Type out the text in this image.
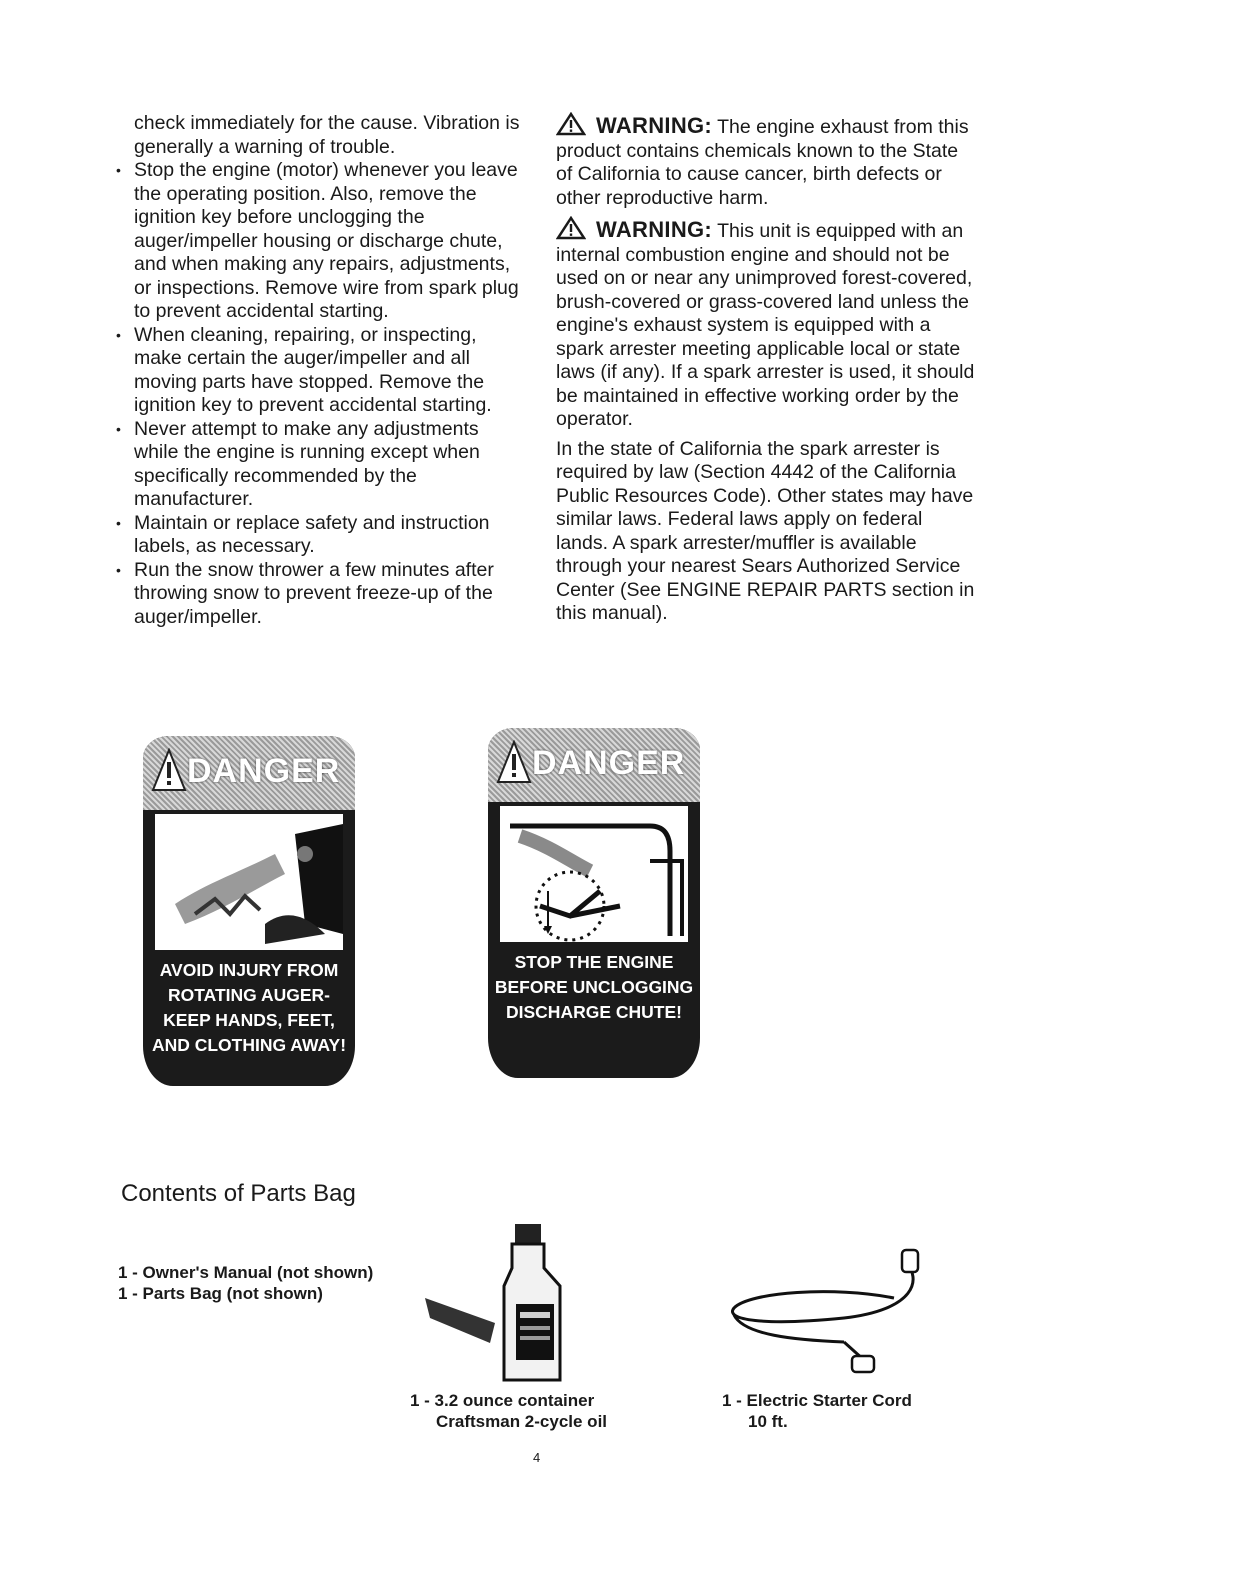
check immediately for the cause. Vibration is generally a warning of trouble.

• Stop the engine (motor) whenever you leave the operating position. Also, remove the ignition key before unclogging the auger/impeller housing or discharge chute, and when making any repairs, adjustments, or inspections. Remove wire from spark plug to prevent accidental starting.
• When cleaning, repairing, or inspecting, make certain the auger/impeller and all moving parts have stopped. Remove the ignition key to prevent accidental starting.
• Never attempt to make any adjustments while the engine is running except when specifically recommended by the manufacturer.
• Maintain or replace safety and instruction labels, as necessary.
• Run the snow thrower a few minutes after throwing snow to prevent freeze-up of the auger/impeller.

WARNING: The engine exhaust from this product contains chemicals known to the State of California to cause cancer, birth defects or other reproductive harm.

WARNING: This unit is equipped with an internal combustion engine and should not be used on or near any unimproved forest-covered, brush-covered or grass-covered land unless the engine's exhaust system is equipped with a spark arrester meeting applicable local or state laws (if any). If a spark arrester is used, it should be maintained in effective working order by the operator.

In the state of California the spark arrester is required by law (Section 4442 of the California Public Resources Code). Other states may have similar laws. Federal laws apply on federal lands. A spark arrester/muffler is available through your nearest Sears Authorized Service Center (See ENGINE REPAIR PARTS section in this manual).

DANGER
AVOID INJURY FROM
ROTATING AUGER-
KEEP HANDS, FEET,
AND CLOTHING AWAY!
DANGER
STOP THE ENGINE
BEFORE UNCLOGGING
DISCHARGE CHUTE!
Contents of Parts Bag
1 - Owner's Manual (not shown)
1 - Parts Bag (not shown)
1 - 3.2 ounce container
Craftsman 2-cycle oil
1 - Electric Starter Cord
10 ft.
4
